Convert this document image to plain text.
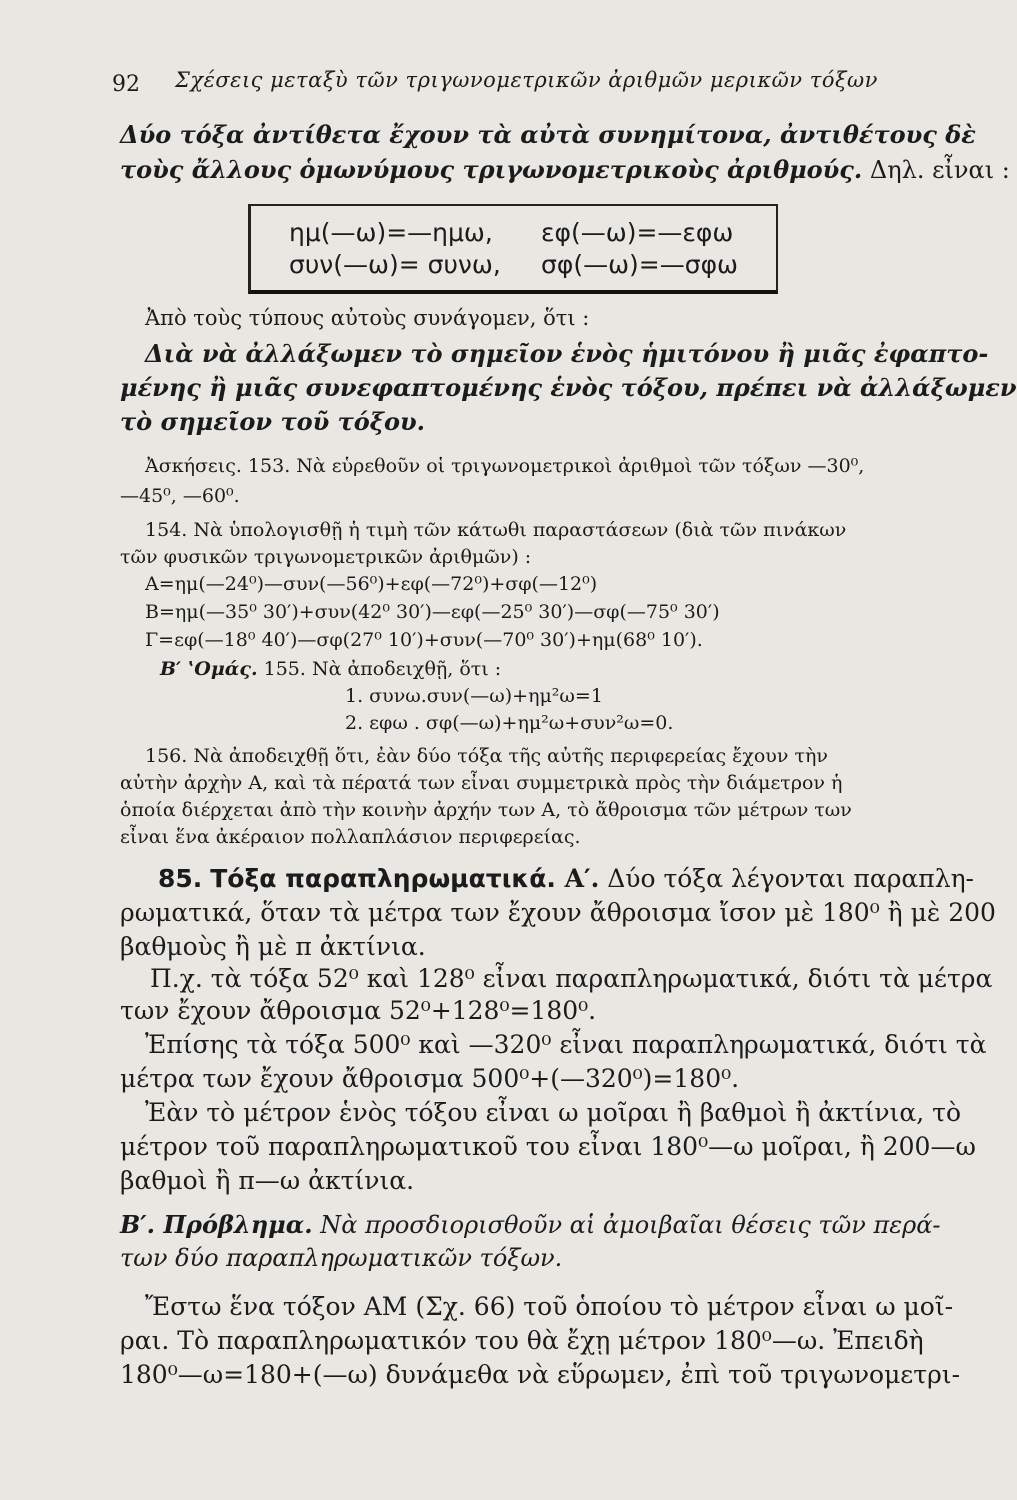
92 Σχέσεις μεταξὺ τῶν τριγωνομετρικῶν ἀριθμῶν μερικῶν τόξων
Δύο τόξα ἀντίθετα ἔχουν τὰ αὐτὰ συνημίτονα, ἀντιθέτους δὲ
τοὺς ἄλλους ὁμωνύμους τριγωνομετρικοὺς ἀριθμούς. Δηλ. εἶναι :
ημ(—ω)=—ημω, εφ(—ω)=—εφω
συν(—ω)= συνω, σφ(—ω)=—σφω
Ἀπὸ τοὺς τύπους αὐτοὺς συνάγομεν, ὅτι :
Διὰ νὰ ἀλλάξωμεν τὸ σημεῖον ἑνὸς ἡμιτόνου ἢ μιᾶς ἐφαπτο-
μένης ἢ μιᾶς συνεφαπτομένης ἑνὸς τόξου, πρέπει νὰ ἀλλάξωμεν
τὸ σημεῖον τοῦ τόξου.
Ἀσκήσεις. 153. Νὰ εὑρεθοῦν οἱ τριγωνομετρικοὶ ἀριθμοὶ τῶν τόξων —30⁰,
—45⁰, —60⁰.
154. Νὰ ὑπολογισθῇ ἡ τιμὴ τῶν κάτωθι παραστάσεων (διὰ τῶν πινάκων
τῶν φυσικῶν τριγωνομετρικῶν ἀριθμῶν) :
Α=ημ(—24⁰)—συν(—56⁰)+εφ(—72⁰)+σφ(—12⁰)
Β=ημ(—35⁰ 30′)+συν(42⁰ 30′)—εφ(—25⁰ 30′)—σφ(—75⁰ 30′)
Γ=εφ(—18⁰ 40′)—σφ(27⁰ 10′)+συν(—70⁰ 30′)+ημ(68⁰ 10′).
Β′ ʽΟμάς. 155. Νὰ ἀποδειχθῇ, ὅτι :
1. συνω.συν(—ω)+ημ²ω=1
2. εφω . σφ(—ω)+ημ²ω+συν²ω=0.
156. Νὰ ἀποδειχθῇ ὅτι, ἐὰν δύο τόξα τῆς αὐτῆς περιφερείας ἔχουν τὴν
αὐτὴν ἀρχὴν Α, καὶ τὰ πέρατά των εἶναι συμμετρικὰ πρὸς τὴν διάμετρον ἡ
ὁποία διέρχεται ἀπὸ τὴν κοινὴν ἀρχήν των Α, τὸ ἄθροισμα τῶν μέτρων των
εἶναι ἕνα ἀκέραιον πολλαπλάσιον περιφερείας.
85. Τόξα παραπληρωματικά. Α′. Δύο τόξα λέγονται παραπλη-
ρωματικά, ὅταν τὰ μέτρα των ἔχουν ἄθροισμα ἴσον μὲ 180⁰ ἢ μὲ 200
βαθμοὺς ἢ μὲ π ἀκτίνια.
Π.χ. τὰ τόξα 52⁰ καὶ 128⁰ εἶναι παραπληρωματικά, διότι τὰ μέτρα
των ἔχουν ἄθροισμα 52⁰+128⁰=180⁰.
Ἐπίσης τὰ τόξα 500⁰ καὶ —320⁰ εἶναι παραπληρωματικά, διότι τὰ
μέτρα των ἔχουν ἄθροισμα 500⁰+(—320⁰)=180⁰.
Ἐὰν τὸ μέτρον ἑνὸς τόξου εἶναι ω μοῖραι ἢ βαθμοὶ ἢ ἀκτίνια, τὸ
μέτρον τοῦ παραπληρωματικοῦ του εἶναι 180⁰—ω μοῖραι, ἢ 200—ω
βαθμοὶ ἢ π—ω ἀκτίνια.
Β′. Πρόβλημα. Νὰ προσδιορισθοῦν αἱ ἀμοιβαῖαι θέσεις τῶν περά-
των δύο παραπληρωματικῶν τόξων.
Ἔστω ἕνα τόξον ΑΜ (Σχ. 66) τοῦ ὁποίου τὸ μέτρον εἶναι ω μοῖ-
ραι. Τὸ παραπληρωματικόν του θὰ ἔχῃ μέτρον 180⁰—ω. Ἐπειδὴ
180⁰—ω=180+(—ω) δυνάμεθα νὰ εὕρωμεν, ἐπὶ τοῦ τριγωνομετρι-
